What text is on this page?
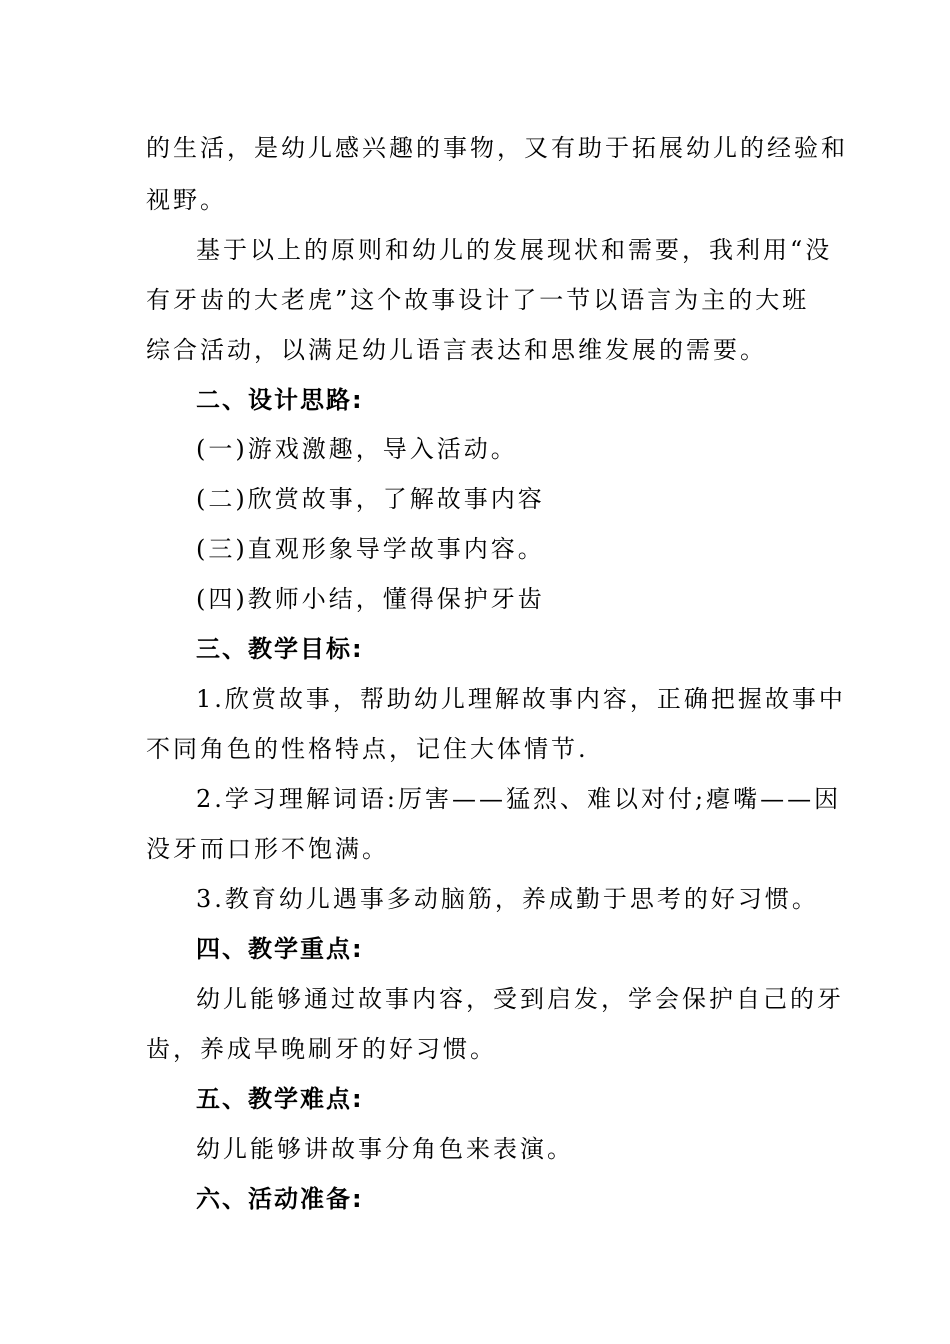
的生活，是幼儿感兴趣的事物，又有助于拓展幼儿的经验和
视野。
基于以上的原则和幼儿的发展现状和需要，我利用“没
有牙齿的大老虎”这个故事设计了一节以语言为主的大班
综合活动，以满足幼儿语言表达和思维发展的需要。
二、设计思路:
(一)游戏激趣，导入活动。
(二)欣赏故事，了解故事内容
(三)直观形象导学故事内容。
(四)教师小结，懂得保护牙齿
三、教学目标:
1.欣赏故事，帮助幼儿理解故事内容，正确把握故事中
不同角色的性格特点，记住大体情节.
2.学习理解词语:厉害——猛烈、难以对付;瘪嘴——因
没牙而口形不饱满。
3.教育幼儿遇事多动脑筋，养成勤于思考的好习惯。
四、教学重点:
幼儿能够通过故事内容，受到启发，学会保护自己的牙
齿，养成早晚刷牙的好习惯。
五、教学难点:
幼儿能够讲故事分角色来表演。
六、活动准备:
